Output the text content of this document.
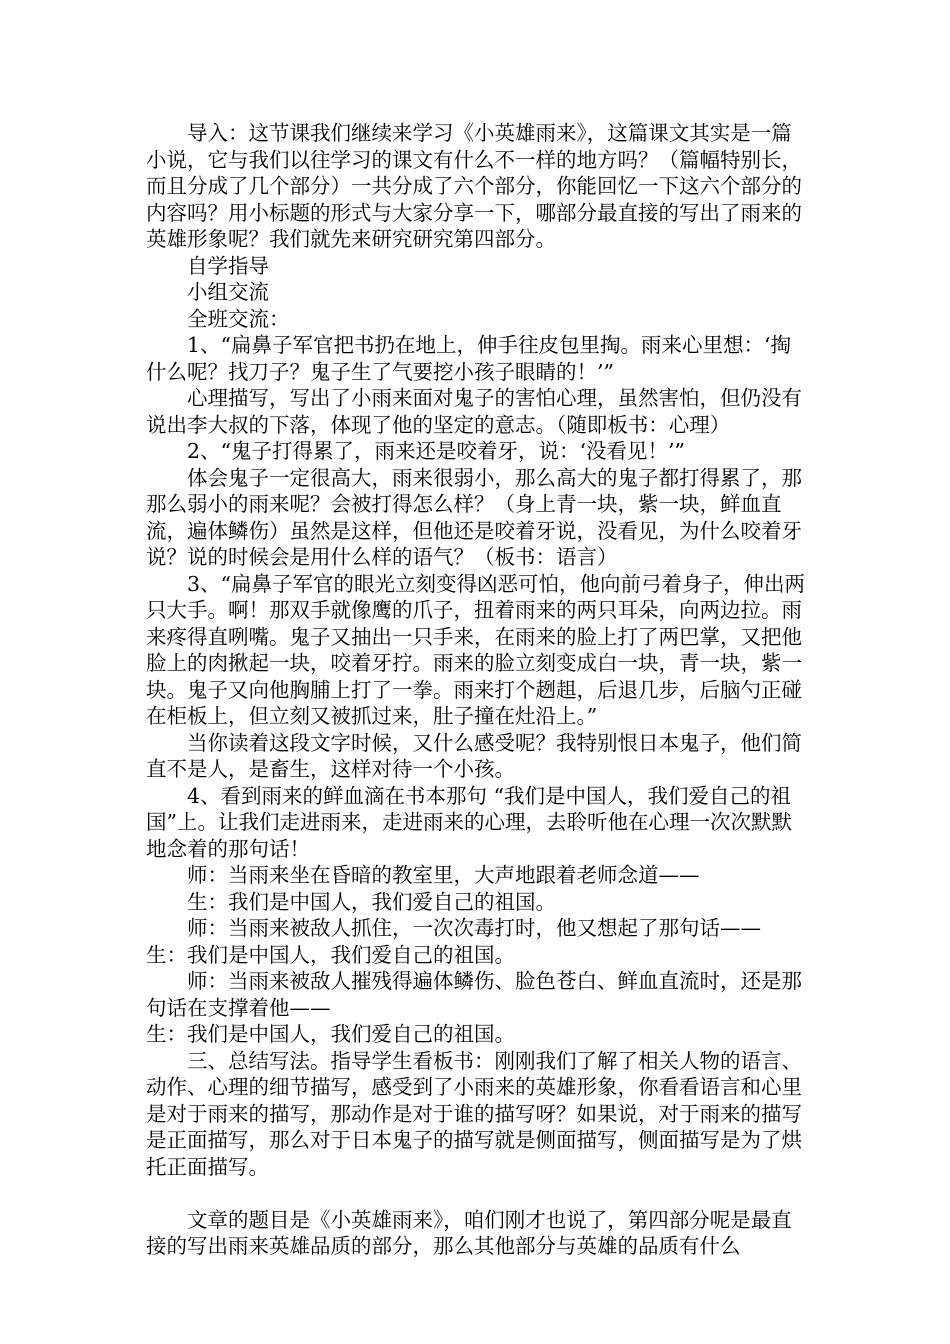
导入：这节课我们继续来学习《小英雄雨来》，这篇课文其实是一篇小说，它与我们以往学习的课文有什么不一样的地方吗？（篇幅特别长，而且分成了几个部分）一共分成了六个部分，你能回忆一下这六个部分的内容吗？用小标题的形式与大家分享一下，哪部分最直接的写出了雨来的英雄形象呢？我们就先来研究研究第四部分。

自学指导

小组交流

全班交流：

1、“扁鼻子军官把书扔在地上，伸手往皮包里掏。雨来心里想：‘掏什么呢？找刀子？鬼子生了气要挖小孩子眼睛的！’”

心理描写，写出了小雨来面对鬼子的害怕心理，虽然害怕，但仍没有说出李大叔的下落，体现了他的坚定的意志。（随即板书：心理）

2、“鬼子打得累了，雨来还是咬着牙，说：‘没看见！’”

体会鬼子一定很高大，雨来很弱小，那么高大的鬼子都打得累了，那那么弱小的雨来呢？会被打得怎么样？（身上青一块，紫一块，鲜血直流，遍体鳞伤）虽然是这样，但他还是咬着牙说，没看见，为什么咬着牙说？说的时候会是用什么样的语气？（板书：语言）

3、“扁鼻子军官的眼光立刻变得凶恶可怕，他向前弓着身子，伸出两只大手。啊！那双手就像鹰的爪子，扭着雨来的两只耳朵，向两边拉。雨来疼得直咧嘴。鬼子又抽出一只手来，在雨来的脸上打了两巴掌，又把他脸上的肉揪起一块，咬着牙拧。雨来的脸立刻变成白一块，青一块，紫一块。鬼子又向他胸脯上打了一拳。雨来打个趔趄，后退几步，后脑勺正碰在柜板上，但立刻又被抓过来，肚子撞在灶沿上。”

当你读着这段文字时候，又什么感受呢？我特别恨日本鬼子，他们简直不是人，是畜生，这样对待一个小孩。

4、看到雨来的鲜血滴在书本那句 “我们是中国人，我们爱自己的祖国”上。让我们走进雨来，走进雨来的心理，去聆听他在心理一次次默默地念着的那句话！

师：当雨来坐在昏暗的教室里，大声地跟着老师念道——

生：我们是中国人，我们爱自己的祖国。

师：当雨来被敌人抓住，一次次毒打时，他又想起了那句话——

生：我们是中国人，我们爱自己的祖国。

师：当雨来被敌人摧残得遍体鳞伤、脸色苍白、鲜血直流时，还是那句话在支撑着他——

生：我们是中国人，我们爱自己的祖国。

三、总结写法。指导学生看板书：刚刚我们了解了相关人物的语言、动作、心理的细节描写，感受到了小雨来的英雄形象，你看看语言和心里是对于雨来的描写，那动作是对于谁的描写呀？如果说，对于雨来的描写是正面描写，那么对于日本鬼子的描写就是侧面描写，侧面描写是为了烘托正面描写。

文章的题目是《小英雄雨来》，咱们刚才也说了，第四部分呢是最直接的写出雨来英雄品质的部分，那么其他部分与英雄的品质有什么
